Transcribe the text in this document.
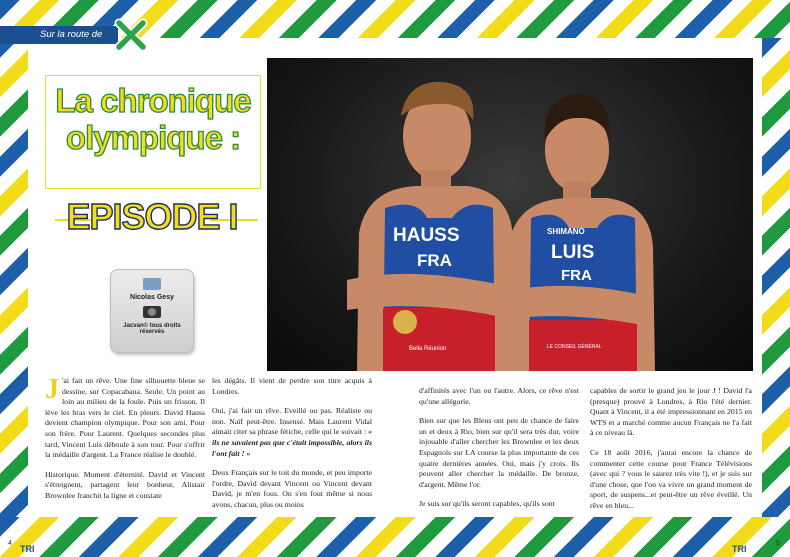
Sur la route de Rio...
La chronique
olympique :
EPISODE I
Nicolas Gesy
Jacvan© tous droits réservés
HAUSS
FRA
Bella Réunion
SHIMANO
LUIS
FRA
LE CONSEIL GÉNÉRAL

J 'ai fait un rêve. Une fine silhouette bleue se dessine, sur Copacabana. Seule. Un point au loin au milieu de la foule. Puis un frisson. Il lève les bras vers le ciel. En pleurs. David Hauss devient champion olympique. Pour son ami. Pour son frère. Pour Laurent. Quelques secondes plus tard, Vincent Luis déboule à son tour. Pour s'offrir la médaille d'argent. La France réalise le doublé.

Historique. Moment d'éternité. David et Vincent s'étreignent, partagent leur bonheur, Alistair Brownlee franchit la ligne et constate

les dégâts. Il vient de perdre son titre acquis à Londres.

Oui, j'ai fait un rêve. Eveillé ou pas. Réaliste ou non. Naïf peut-être. Insensé. Mais Laurent Vidal aimait citer sa phrase fétiche, celle qui le suivait : « ils ne savaient pas que c'était impossible, alors ils l'ont fait ! »

Deux Français sur le toit du monde, et peu importe l'ordre, David devant Vincent ou Vincent devant David, je m'en fous. On s'en fout même si nous avons, chacun, plus ou moins

d'affinités avec l'un ou l'autre. Alors, ce rêve n'est qu'une allégorie.

Bien sur que les Bleus ont peu de chance de faire un et deux à Rio, bien sur qu'il sera très dur, voire injouable d'aller chercher les Brownlee et les deux Espagnols sur LA course la plus importante de ces quatre dernières années. Oui, mais j'y crois. Ils peuvent aller chercher la médaille. De bronze, d'argent. Même l'or.

Je suis sur qu'ils seront capables, qu'ils sont

capables de sortir le grand jeu le jour J ! David l'a (presque) prouvé à Londres, à Rio l'été dernier. Quant à Vincent, il a été impressionnant en 2015 en WTS et a marché comme aucun Français ne l'a fait à ce niveau là.

Ce 18 août 2016, j'aurai encore la chance de commenter cette course pour France Télévisions (avec qui ? vous le saurez très vite !), et je suis sur d'une chose, que l'on va vivre un grand moment de sport, de suspens...et peut-être un rêve éveillé. Un rêve en bleu...

4
TRI	TRI
5
